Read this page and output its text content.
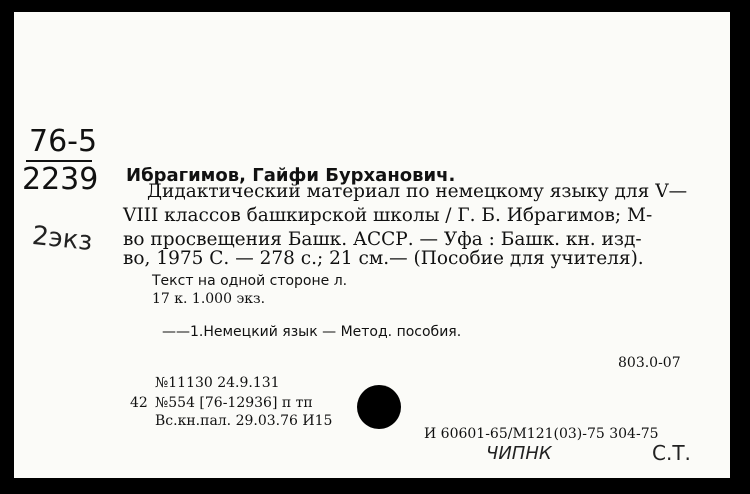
76-5
2239
2экз
Ибрагимов, Гайфи Бурханович.
Дидактический материал по немецкому языку для V—
VIII классов башкирской школы / Г. Б. Ибрагимов; М-
во просвещения Башк. АССР. — Уфа : Башк. кн. изд-
во, 1975 С. — 278 с.; 21 см.— (Пособие для учителя).
Текст на одной стороне л.
17 к. 1.000 экз.
——1.Немецкий язык — Метод. пособия.
803.0-07
№11130 24.9.131
42 №554 [76-12936] п тп
Вс.кн.пал. 29.03.76 И15
И 60601-65/М121(03)-75 304-75
ЧИПНК	С.Т.
